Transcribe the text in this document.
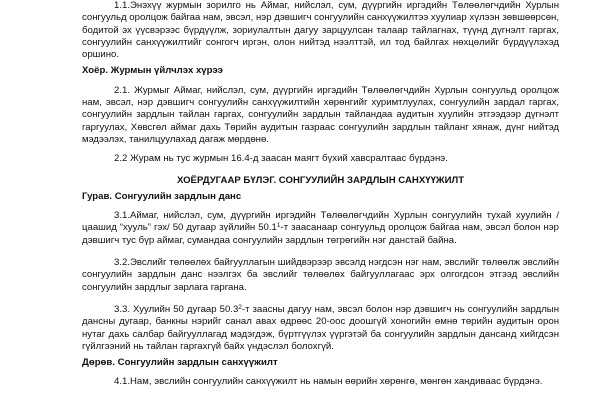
1.1.Энэхүү журмын зорилго нь Аймаг, нийслэл, сум, дүүргийн иргэдийн Төлөөлөгчдийн Хурлын сонгуульд оролцож байгаа нам, эвсэл, нэр дэвшигч сонгуулийн санхүүжилтээ хуулиар хүлээн зөвшөөрсөн, бодитой эх үүсвэрээс бүрдүүлж, зориулалтын дагуу зарцуулсан талаар тайлагнах, түүнд дүгнэлт гаргах, сонгуулийн санхүүжилтийг сонгогч иргэн, олон нийтэд нээлттэй, ил тод байлгах нөхцөлийг бүрдүүлэхэд оршино.

Хоёр. Журмын үйлчлэх хүрээ

2.1. Журмыг Аймаг, нийслэл, сум, дүүргийн иргэдийн Төлөөлөгчдийн Хурлын сонгуульд оролцож нам, эвсэл, нэр дэвшигч сонгуулийн санхүүжилтийн хөрөнгийг хуримтлуулах, сонгуулийн зардал гаргах, сонгуулийн зардлын тайлан гаргах, сонгуулийн зардлын тайландаа аудитын хуулийн этгээдээр дүгнэлт гаргуулах, Хөвсгөл аймаг дахь Төрийн аудитын газраас сонгуулийн зардлын тайланг хянаж, дүнг нийтэд мэдээлэх, танилцуулахад дагаж мөрдөнө.

2.2 Журам нь тус журмын 16.4-д заасан маягт бүхий хавсралтаас бүрдэнэ.

ХОЁРДУГААР БҮЛЭГ. СОНГУУЛИЙН ЗАРДЛЫН САНХҮҮЖИЛТ

Гурав. Сонгуулийн зардлын данс

3.1.Аймаг, нийслэл, сум, дүүргийн иргэдийн Төлөөлөгчдийн Хурлын сонгуулийн тухай хуулийн /цаашид “хууль” гэх/ 50 дугаар зүйлийн 50.1$^1$-т заасанаар сонгуульд оролцож байгаа нам, эвсэл болон нэр дэвшигч тус бүр аймаг, сумандаа сонгуулийн зардлын төгрөгийн нэг данстай байна.

3.2.Эвслийг төлөөлөх байгууллагын шийдвэрээр эвсэлд нэгдсэн нэг нам, эвслийг төлөөлж эвслийн сонгуулийн зардлын данс нээлгэх ба эвслийг төлөөлөх байгууллагаас эрх олгогдсон этгээд эвслийн сонгуулийн зардлыг зарлага гаргана.

3.3. Хуулийн 50 дугаар 50.3$^2$-т заасны дагуу нам, эвсэл болон нэр дэвшигч нь сонгуулийн зардлын дансны дугаар, банкны нэрийг санал авах өдрөөс 20-оос доошгүй хоногийн өмнө төрийн аудитын орон нутаг дахь салбар байгууллагад мэдэгдэж, бүртгүүлэх үүргэтэй ба сонгуулийн зардлын дансанд хийгдсэн гүйлгээний нь тайлан гаргахгүй байх үндэслэл болохгүй.

Дөрөв. Сонгуулийн зардлын санхүүжилт

4.1.Нам, эвслийн сонгуулийн санхүүжилт нь намын өөрийн хөрөнгө, мөнгөн хандивааc бүрдэнэ.
